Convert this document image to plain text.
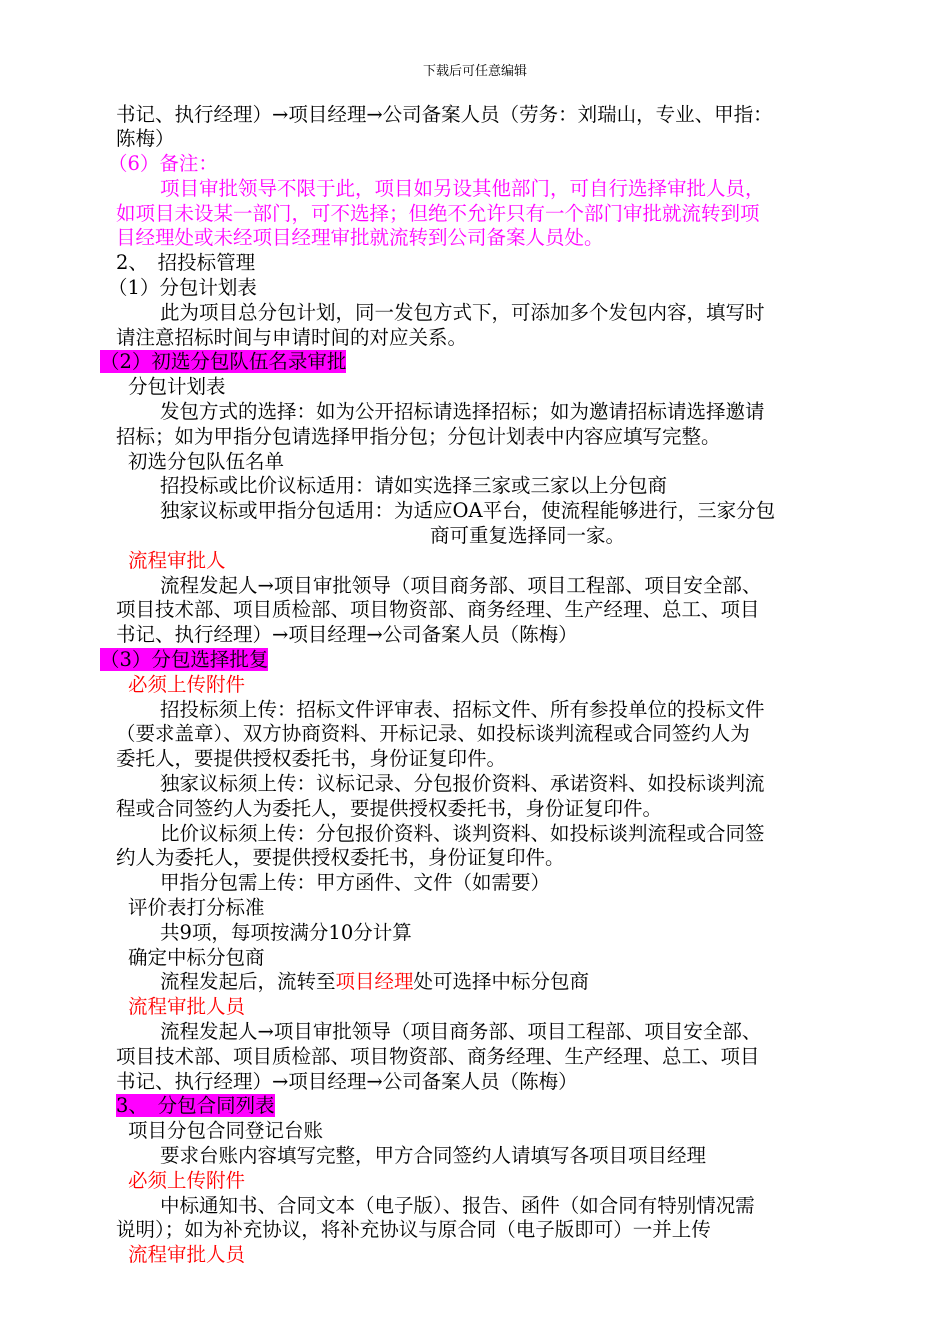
下载后可任意编辑
书记、执行经理）→项目经理→公司备案人员（劳务：刘瑞山，专业、甲指：
陈梅）
（6）备注：
项目审批领导不限于此，项目如另设其他部门，可自行选择审批人员，
如项目未设某一部门，可不选择；但绝不允许只有一个部门审批就流转到项
目经理处或未经项目经理审批就流转到公司备案人员处。
2、　招投标管理
（1）分包计划表
此为项目总分包计划，同一发包方式下，可添加多个发包内容，填写时
请注意招标时间与申请时间的对应关系。
（2）初选分包队伍名录审批
分包计划表
发包方式的选择：如为公开招标请选择招标；如为邀请招标请选择邀请
招标；如为甲指分包请选择甲指分包；分包计划表中内容应填写完整。
初选分包队伍名单
招投标或比价议标适用：请如实选择三家或三家以上分包商
独家议标或甲指分包适用：为适应OA平台，使流程能够进行，三家分包
商可重复选择同一家。
流程审批人
流程发起人→项目审批领导（项目商务部、项目工程部、项目安全部、
项目技术部、项目质检部、项目物资部、商务经理、生产经理、总工、项目
书记、执行经理）→项目经理→公司备案人员（陈梅）
（3）分包选择批复
必须上传附件
招投标须上传：招标文件评审表、招标文件、所有参投单位的投标文件
（要求盖章）、双方协商资料、开标记录、如投标谈判流程或合同签约人为
委托人，要提供授权委托书，身份证复印件。
独家议标须上传：议标记录、分包报价资料、承诺资料、如投标谈判流
程或合同签约人为委托人，要提供授权委托书，身份证复印件。
比价议标须上传：分包报价资料、谈判资料、如投标谈判流程或合同签
约人为委托人，要提供授权委托书，身份证复印件。
甲指分包需上传：甲方函件、文件（如需要）
评价表打分标准
共9项，每项按满分10分计算
确定中标分包商
流程发起后，流转至项目经理处可选择中标分包商
流程审批人员
流程发起人→项目审批领导（项目商务部、项目工程部、项目安全部、
项目技术部、项目质检部、项目物资部、商务经理、生产经理、总工、项目
书记、执行经理）→项目经理→公司备案人员（陈梅）
3、　分包合同列表
项目分包合同登记台账
要求台账内容填写完整，甲方合同签约人请填写各项目项目经理
必须上传附件
中标通知书、合同文本（电子版）、报告、函件（如合同有特别情况需
说明）；如为补充协议，将补充协议与原合同（电子版即可）一并上传
流程审批人员
